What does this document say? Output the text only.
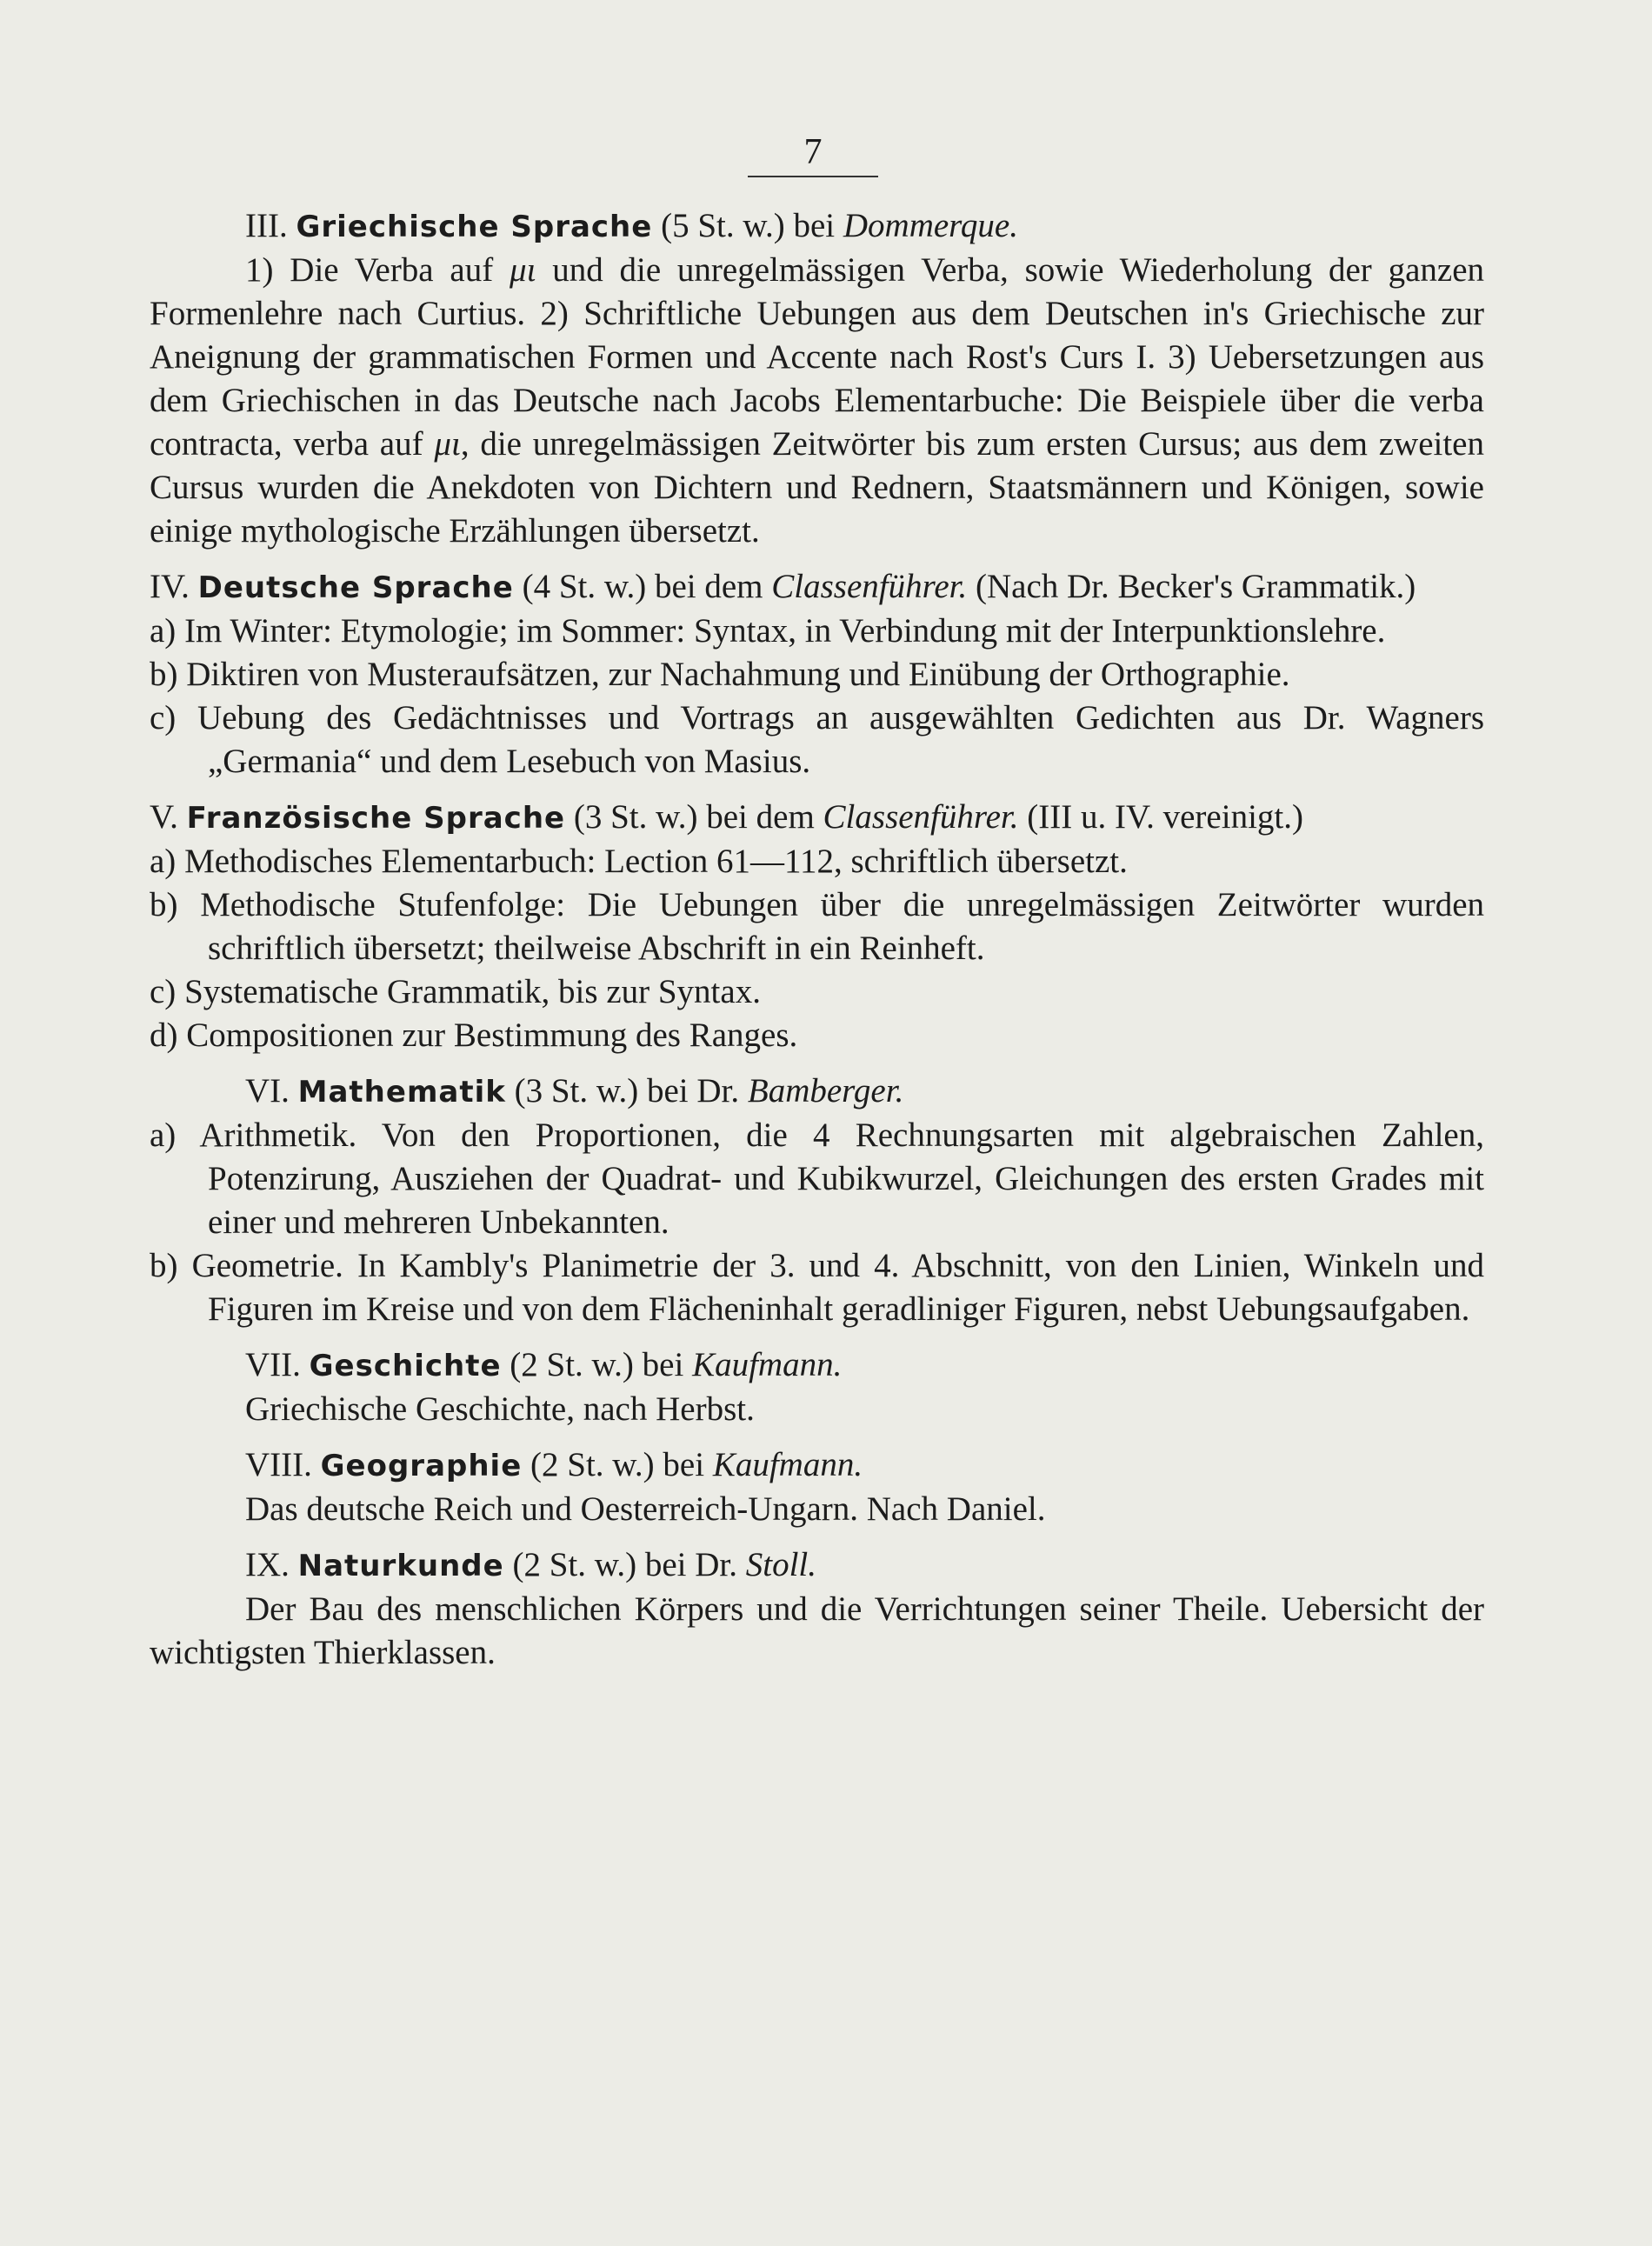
7

III. Griechische Sprache (5 St. w.) bei Dommerque.

1) Die Verba auf μι und die unregelmässigen Verba, sowie Wiederholung der ganzen Formenlehre nach Curtius. 2) Schriftliche Uebungen aus dem Deutschen in's Griechische zur Aneignung der grammatischen Formen und Accente nach Rost's Curs I. 3) Uebersetzungen aus dem Griechischen in das Deutsche nach Jacobs Elementarbuche: Die Beispiele über die verba contracta, verba auf μι, die unregelmässigen Zeitwörter bis zum ersten Cursus; aus dem zweiten Cursus wurden die Anekdoten von Dichtern und Rednern, Staatsmännern und Königen, sowie einige mythologische Erzählungen übersetzt.

IV. Deutsche Sprache (4 St. w.) bei dem Classenführer. (Nach Dr. Becker's Grammatik.)

a) Im Winter: Etymologie; im Sommer: Syntax, in Verbindung mit der Interpunktionslehre.

b) Diktiren von Musteraufsätzen, zur Nachahmung und Einübung der Orthographie.

c) Uebung des Gedächtnisses und Vortrags an ausgewählten Gedichten aus Dr. Wagners „Germania“ und dem Lesebuch von Masius.

V. Französische Sprache (3 St. w.) bei dem Classenführer. (III u. IV. vereinigt.)

a) Methodisches Elementarbuch: Lection 61—112, schriftlich übersetzt.

b) Methodische Stufenfolge: Die Uebungen über die unregelmässigen Zeitwörter wurden schriftlich übersetzt; theilweise Abschrift in ein Reinheft.

c) Systematische Grammatik, bis zur Syntax.

d) Compositionen zur Bestimmung des Ranges.

VI. Mathematik (3 St. w.) bei Dr. Bamberger.

a) Arithmetik. Von den Proportionen, die 4 Rechnungsarten mit algebraischen Zahlen, Potenzirung, Ausziehen der Quadrat- und Kubikwurzel, Gleichungen des ersten Grades mit einer und mehreren Unbekannten.

b) Geometrie. In Kambly's Planimetrie der 3. und 4. Abschnitt, von den Linien, Winkeln und Figuren im Kreise und von dem Flächeninhalt geradliniger Figuren, nebst Uebungsaufgaben.

VII. Geschichte (2 St. w.) bei Kaufmann.

Griechische Geschichte, nach Herbst.

VIII. Geographie (2 St. w.) bei Kaufmann.

Das deutsche Reich und Oesterreich-Ungarn. Nach Daniel.

IX. Naturkunde (2 St. w.) bei Dr. Stoll.

Der Bau des menschlichen Körpers und die Verrichtungen seiner Theile. Uebersicht der wichtigsten Thierklassen.
